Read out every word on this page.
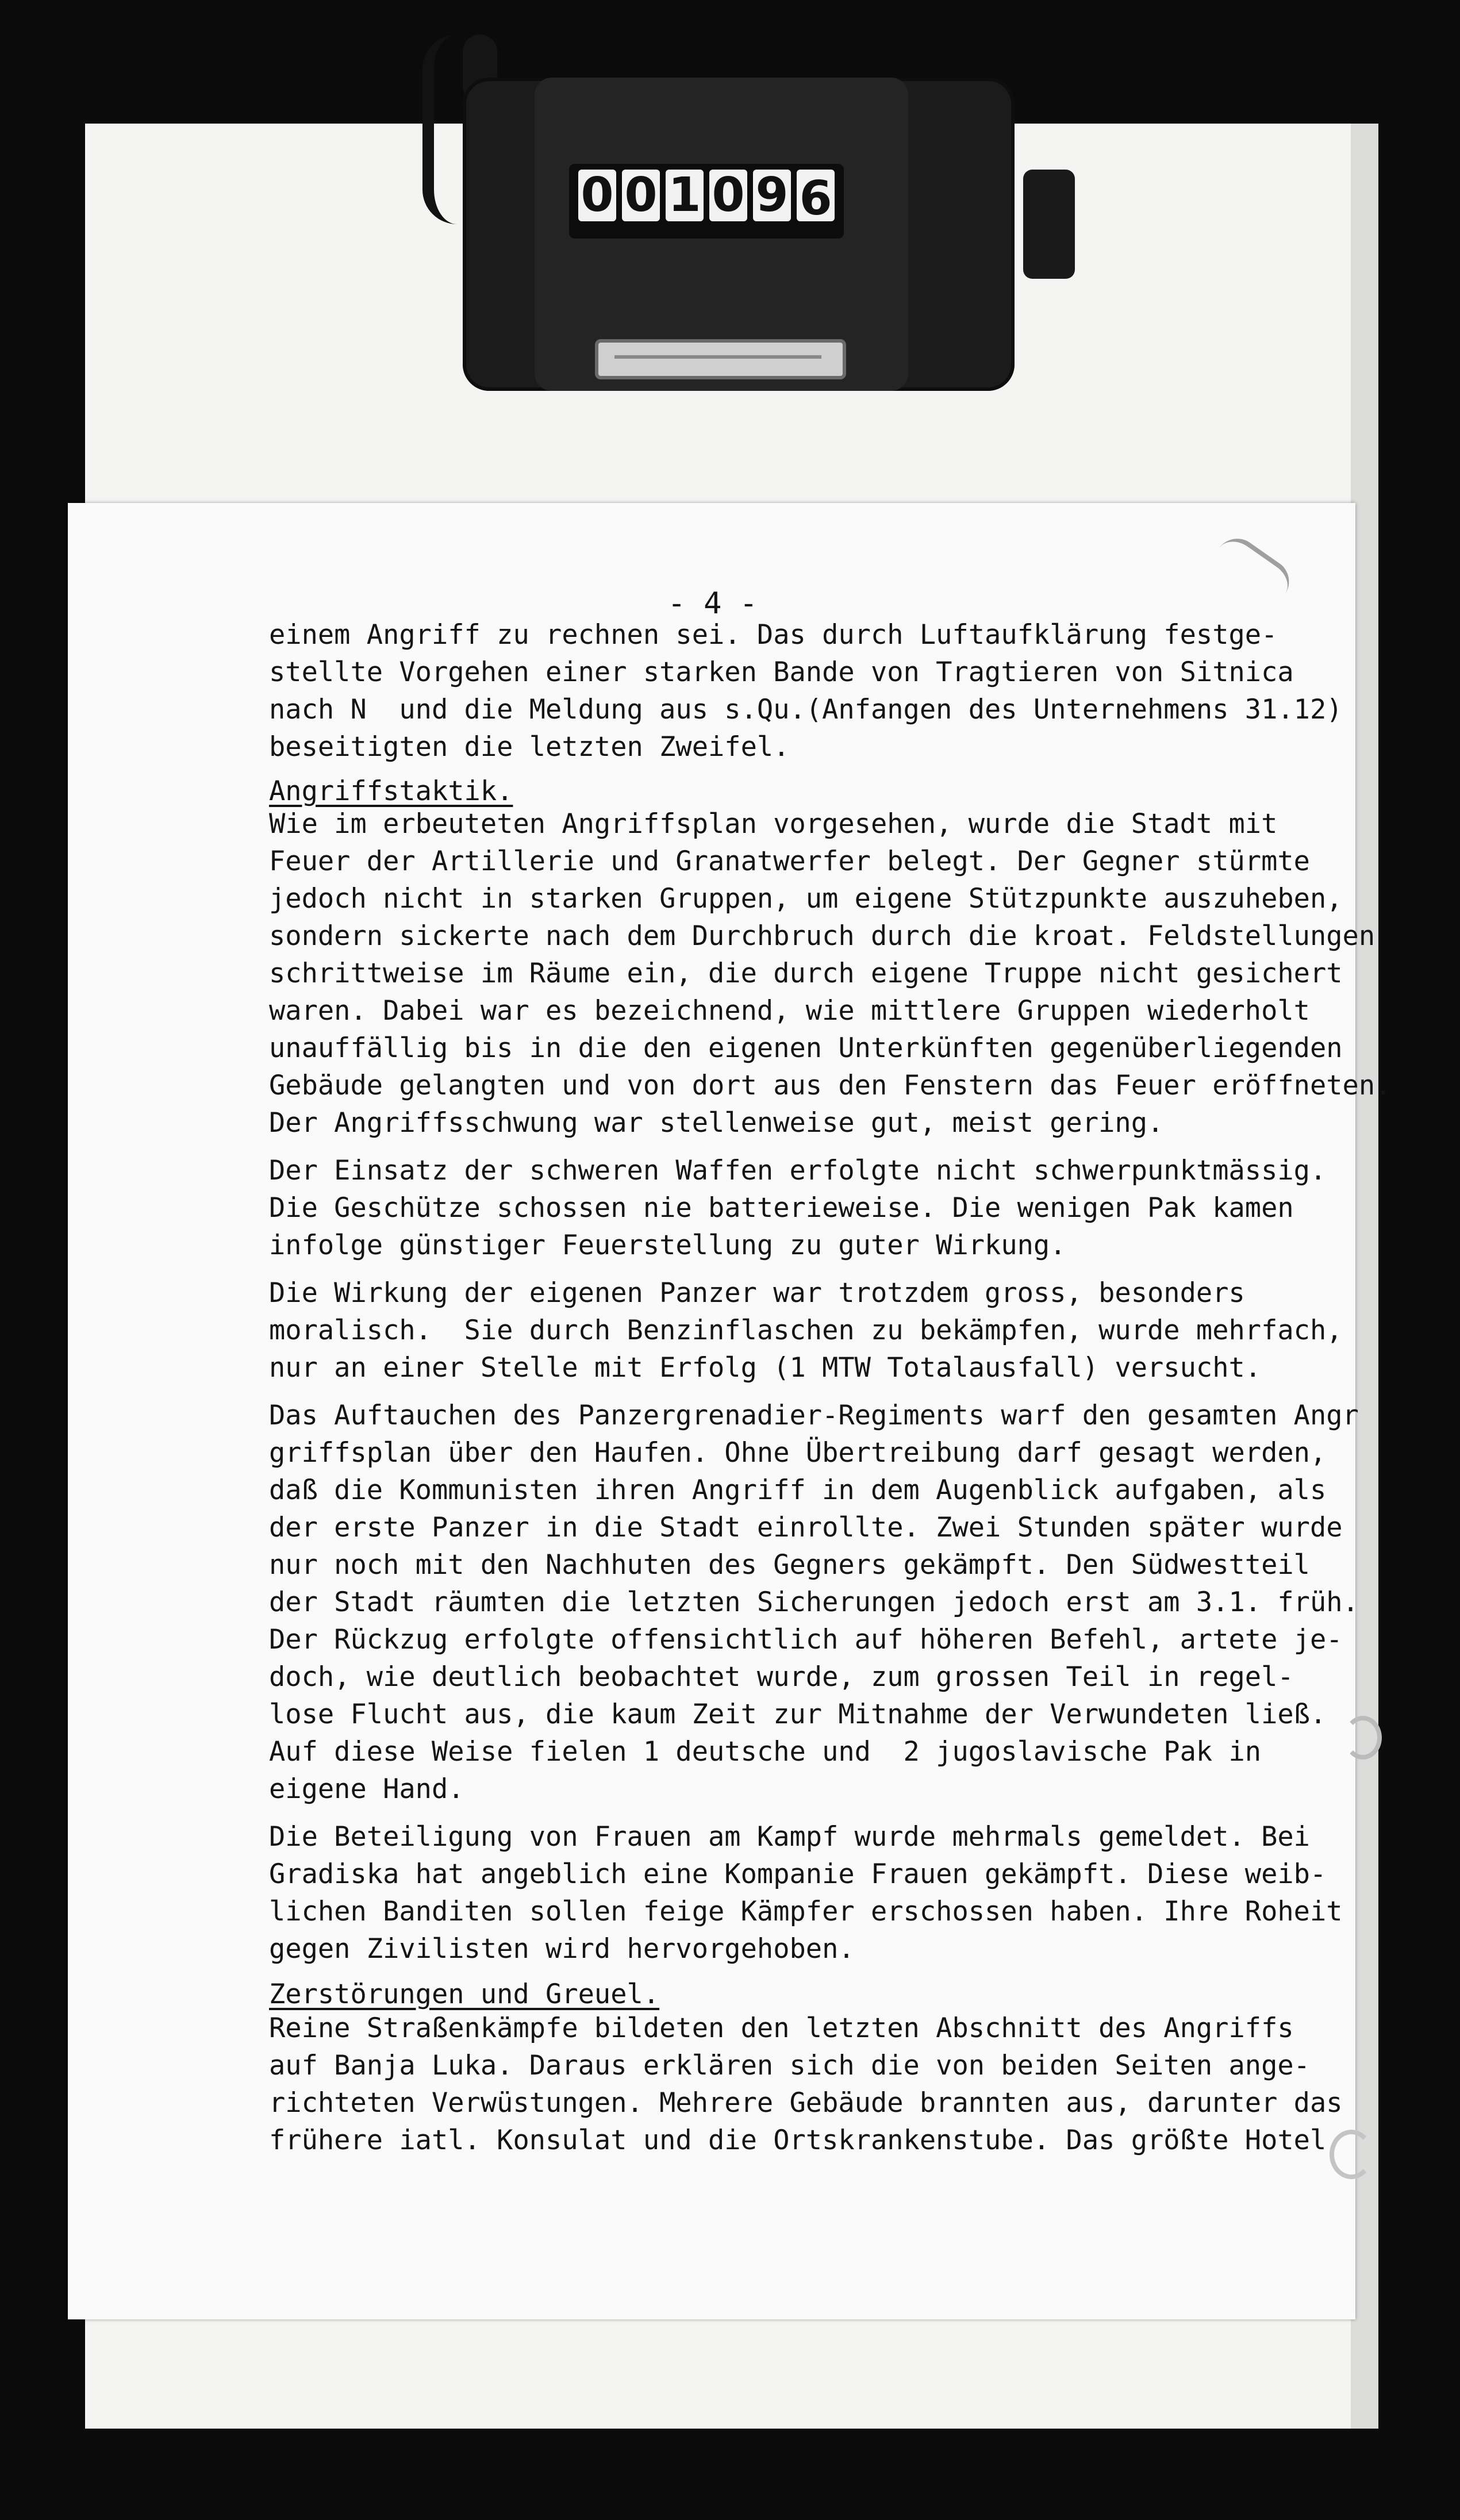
0 0 1 0 9 9
- 4 -
einem Angriff zu rechnen sei. Das durch Luftaufklärung festge-
stellte Vorgehen einer starken Bande von Tragtieren von Sitnica
nach N  und die Meldung aus s.Qu.(Anfangen des Unternehmens 31.12)
beseitigten die letzten Zweifel.
Angriffstaktik.
Wie im erbeuteten Angriffsplan vorgesehen, wurde die Stadt mit
Feuer der Artillerie und Granatwerfer belegt. Der Gegner stürmte
jedoch nicht in starken Gruppen, um eigene Stützpunkte auszuheben,
sondern sickerte nach dem Durchbruch durch die kroat. Feldstellungen
schrittweise im Räume ein, die durch eigene Truppe nicht gesichert
waren. Dabei war es bezeichnend, wie mittlere Gruppen wiederholt
unauffällig bis in die den eigenen Unterkünften gegenüberliegenden
Gebäude gelangten und von dort aus den Fenstern das Feuer eröffneten.
Der Angriffsschwung war stellenweise gut, meist gering.
Der Einsatz der schweren Waffen erfolgte nicht schwerpunktmässig.
Die Geschütze schossen nie batterieweise. Die wenigen Pak kamen
infolge günstiger Feuerstellung zu guter Wirkung.
Die Wirkung der eigenen Panzer war trotzdem gross, besonders
moralisch.  Sie durch Benzinflaschen zu bekämpfen, wurde mehrfach,
nur an einer Stelle mit Erfolg (1 MTW Totalausfall) versucht.
Das Auftauchen des Panzergrenadier-Regiments warf den gesamten Angr
griffsplan über den Haufen. Ohne Übertreibung darf gesagt werden,
daß die Kommunisten ihren Angriff in dem Augenblick aufgaben, als
der erste Panzer in die Stadt einrollte. Zwei Stunden später wurde
nur noch mit den Nachhuten des Gegners gekämpft. Den Südwestteil
der Stadt räumten die letzten Sicherungen jedoch erst am 3.1. früh.
Der Rückzug erfolgte offensichtlich auf höheren Befehl, artete je-
doch, wie deutlich beobachtet wurde, zum grossen Teil in regel-
lose Flucht aus, die kaum Zeit zur Mitnahme der Verwundeten ließ.
Auf diese Weise fielen 1 deutsche und  2 jugoslavische Pak in
eigene Hand.
Die Beteiligung von Frauen am Kampf wurde mehrmals gemeldet. Bei
Gradiska hat angeblich eine Kompanie Frauen gekämpft. Diese weib-
lichen Banditen sollen feige Kämpfer erschossen haben. Ihre Roheit
gegen Zivilisten wird hervorgehoben.
Zerstörungen und Greuel.
Reine Straßenkämpfe bildeten den letzten Abschnitt des Angriffs
auf Banja Luka. Daraus erklären sich die von beiden Seiten ange-
richteten Verwüstungen. Mehrere Gebäude brannten aus, darunter das
frühere iatl. Konsulat und die Ortskrankenstube. Das größte Hotel
